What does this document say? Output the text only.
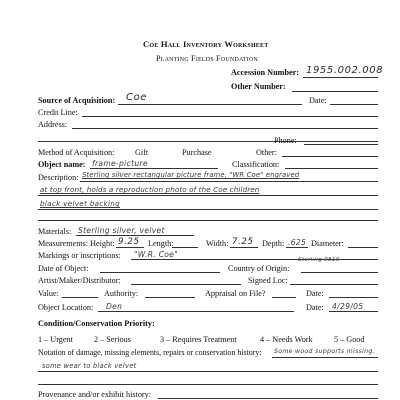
Coe Hall Inventory Worksheet
Planting Fields Foundation
Accession Number: 1955.002.008
Other Number:
Source of Acquisition: Coe	Date:
Credit Line:
Address:
Phone:
Method of Acquisition:	Gift	Purchase	Other:
Object name: frame-picture	Classification:
Description: Sterling silver rectangular picture frame, "WR Coe" engraved
at top front, holds a reproduction photo of the Coe children
black velvet backing
Materials: Sterling silver, velvet
Measurements: Height: 9.25 Length:	Width: 7.25 Depth: .625 Diameter:
Markings or inscriptions: "W.R. Coe"
Sterling 9810
Date of Object:	Country of Origin:
Artist/Maker/Distributor:	Signed Loc:
Value:	Authority:	Appraisal on File?	Date:
Object Location: Den	Date: 4/29/05
Condition/Conservation Priority:
1 – Urgent	2 – Serious	3 – Requires Treatment	4 – Needs Work	5 – Good
Notation of damage, missing elements, repairs or conservation history: Some wood supports missing,
some wear to black velvet
Provenance and/or exhibit history:
